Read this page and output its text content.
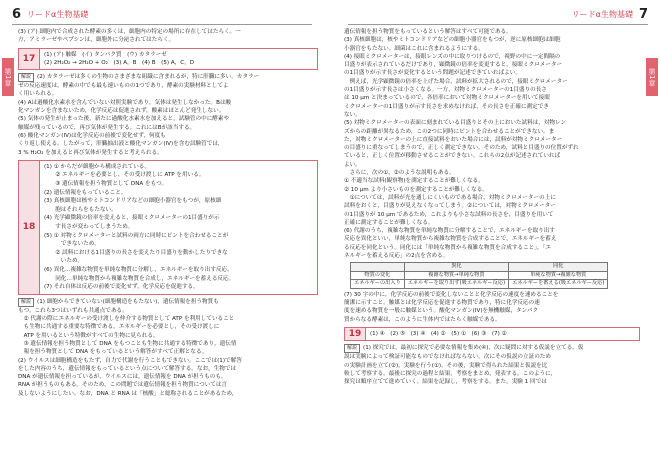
6 リードα生物基礎	リードα生物基礎 7
第1章	第1章

(3) (ア) 細胞内で合成された酵素の多くは，細胞内の特定の場所に存在してはたらく。一

方，アミラーゼやペプシンは，細胞外に分泌されてはたらく。

17	(1) (ア) 触媒　(イ) タンパク質　(ウ) カタラーゼ

(2) 2H₂O₂ → 2H₂O + O₂　(3) A，B　(4) B　(5) A，C，D

解説 (2) カタラーゼは多くの生物のさまざまな組織に含まれるが，特に肝臓に多い。カタラー

ゼの反応速度は，酵素の中でも最も速いものの1つであり，酵素の実験材料としてよ

く用いられる。

(4) Aは過酸化水素水を含んでいない対照実験であり，気体は発生しなかった。Bは酸

化マンガンを含まないため，化学反応は促進されず，酸素はほとんど発生しない。

(5) 気体の発生が止まった後，新たに過酸化水素水を加えると，試験管の中に酵素や

触媒が残っているので，再び気体が発生する。これにはBが該当する。

(6) 酸化マンガン(IV)は化学反応の前後で変化せず，何度も

くり返し使える。したがって，肝臓抽出液と酸化マンガン(IV)を含む試験管では，

3 % H₂O₂ を加えると再び気体が発生すると考えられる。

18

(1) ① からだが細胞から構成されている。

　　② エネルギーを必要とし，その受け渡しに ATP を用いる。

　　③ 遺伝情報を担う物質として DNA をもつ。

(2) 遺伝情報をもっていること。

(3) 真核細胞は核やミトコンドリアなどの細胞小器官をもつが，原核細

　　胞はそれらをもたない。

(4) 光学顕微鏡の倍率を変えると，接眼ミクロメーターの1目盛りが示

　　す長さが変わってしまうため。

(5) ① 対物ミクロメーターと試料の両方に同時にピントを合わせることが

　　　できないため。

　　② 試料における1目盛りの長さを変えたり目盛りを動かしたりできな

　　　いため。

(6) 異化…複雑な物質を単純な物質に分解し，エネルギーを取り出す反応。

　　同化…単純な物質から複雑な物質を合成し，エネルギーを蓄える反応。

(7) それ自体は反応の前後で変化せず，化学反応を促進する。

解説 (1) 細胞からできていない(細胞構造をもたない)，遺伝情報を担う物質も

もつ。これら3つはいずれも共通点である。

　② 代謝の際にエネルギーの受け渡しを仲介する物質として ATP を利用していること

　も生物に共通する重要な特徴である。エネルギーを必要とし，その受け渡しに

　ATP を用いるという特徴がすべての生物に見られる。

　③ 遺伝情報を担う物質として DNA をもつことも生物に共通する特徴であり，遺伝情

　報を担う物質として DNA をもっているという解答がすべて正解となる。

(2) ウイルスは細胞構造をもたず，自力で代謝を行うこともできない。ここでは(1)で解答

をした内容のうち，遺伝情報をもっているという点について解答する。なお，生物では

DNA が遺伝情報を担っているが，ウイルスには，遺伝情報を DNA が担うものも，

RNA が担うものもある。そのため，この問題では遺伝情報を担う物質については言

及しないようにしたい。なお，DNA と RNA は「核酸」と総称されることがあるため，

遺伝情報を担う物質をもっているという解答はすべて可能である。

(3) 真核細胞は，核やミトコンドリアなどの細胞小器官をもつが，逆に原核細胞は細胞

小器官をもたない。細菌はこれに含まれるようにする。

(4) 接眼ミクロメーターは，接眼レンズの中に取りつけるので，視野の中に一定間隔の

目盛りが表示されているだけであり，顕微鏡の倍率を変更すると，接眼ミクロメーター

の1目盛りが示す長さが変化するという問題が記述できていればよい。

　例えば，光学顕微鏡の倍率を上げた場合，試料が拡大されるので，接眼ミクロメーター

の1目盛りが示す長さは小さくなる。一方，対物ミクロメーターの1目盛りの長さ

は 10 μm と決まっているので，各倍率において対物ミクロメーターを用いて接眼

ミクロメーターの1目盛りが示す長さを求めなければ，その長さを正確に測定でき

ない。

(5) 対物ミクロメーターの表面に刻まれている目盛りとその上においた試料は，対物レン

ズからの距離が異なるため，この2つに同時にピントを合わせることができない。ま

た，対物ミクロメーターの上に直接試料をおいた場合には，試料が対物ミクロメーター

の目盛りに重なってしまうので，正しく測定できない。そのため，試料と目盛りの位置がずれ

ていると，正しく位置が移動させることができない。これらの2点が記述されていれば

よい。

　さらに，次の①，②のような説明もある。

① 不適当な試料(観察物)を測定することが難しくなる。

② 10 μm より小さいものを測定することが難しくなる。

　①については，試料が光を通しにくいものである場合，対物ミクロメーターの上に

試料をおくと，目盛りが見えなくなってしまう。②については，対物ミクロメーター

の1目盛りが 10 μm であるため，これよりも小さな試料の長さを，目盛りを用いて

正確に測定することが難しくなる。

(6) 代謝のうち，複雑な物質を単純な物質に分解することで，エネルギーを取り出す

反応を異化といい，単純な物質から複雑な物質を合成することで，エネルギーを蓄え

る反応を同化という。同化には「単純な物質から複雑な物質を合成すること」，「エ

ネルギーを蓄える反応」の2点を含める。

	異化	同化
物質の変化	複雑な物質→単純な物質	単純な物質→複雑な物質
エネルギーの出入り	エネルギーを取り出す(吸エネルギー反応)	エネルギーを蓄える(吸エネルギー反応)

(7) 30 字の中に，化学反応の前後で変化しないことと化学反応の速度を速めることを

簡潔に示すこと。触媒とは化学反応を促進する物質であり，特に化学反応の速

度を速める物質を一般に触媒という。酸化マンガン(IV)を無機触媒，タンパク

質からなる酵素は，このように生体内ではたらく触媒である。

19	(1) ④　(2) ⑤　(3) ④　(4) ②　(5) ①　(6) ③　(7) ②

解説 (1) 探究では，最初に探究で必要な情報を集め(④)，次に疑問に対する仮説を立てる。仮

説は実験によって検証可能なものでなければならない。次にその仮説の立証のため

の実験計画を立て(②)，実験を行う(①)。その後，実験で得られた結果と仮説を比

較して考察する。最後に探究の過程と結果，考察をまとめ，発表する。このように，

探究は順序立てて進めていく。結果を記録し，考察をする。また，実験 1 回では
